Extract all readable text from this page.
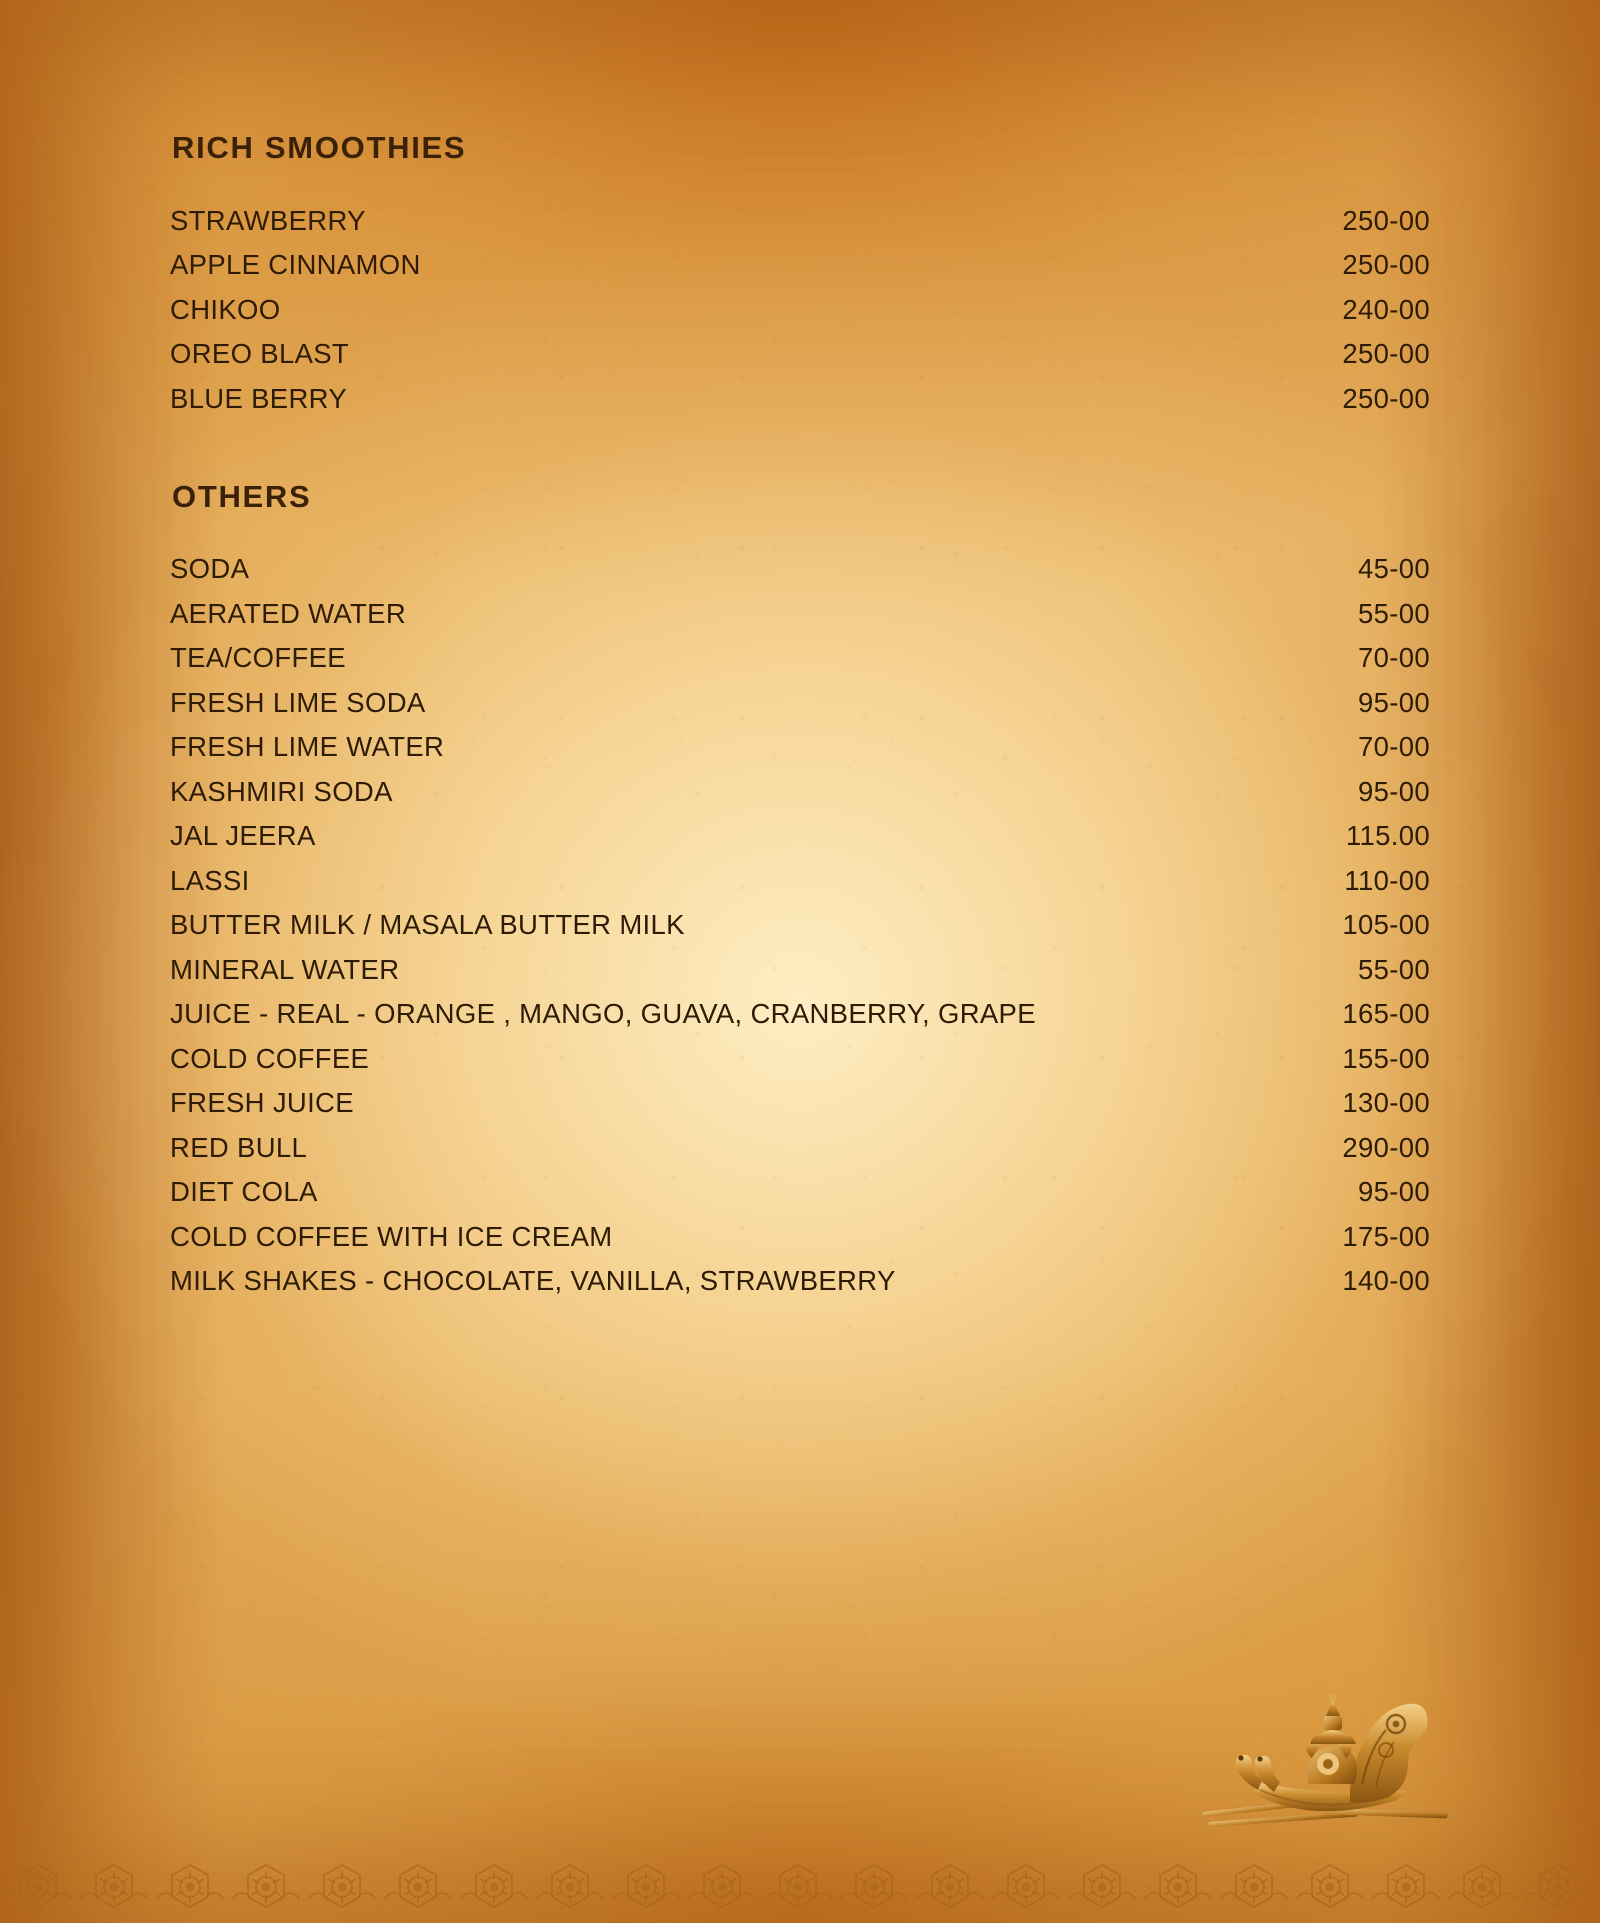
RICH SMOOTHIES
STRAWBERRY	250-00
APPLE CINNAMON	250-00
CHIKOO	240-00
OREO BLAST	250-00
BLUE BERRY	250-00
OTHERS
SODA	45-00
AERATED WATER	55-00
TEA/COFFEE	70-00
FRESH LIME SODA	95-00
FRESH LIME WATER	70-00
KASHMIRI SODA	95-00
JAL JEERA	115.00
LASSI	110-00
BUTTER MILK / MASALA BUTTER MILK	105-00
MINERAL WATER	55-00
JUICE - REAL - ORANGE , MANGO, GUAVA, CRANBERRY, GRAPE	165-00
COLD COFFEE	155-00
FRESH JUICE	130-00
RED BULL	290-00
DIET COLA	95-00
COLD COFFEE WITH ICE CREAM	175-00
MILK SHAKES - CHOCOLATE, VANILLA, STRAWBERRY	140-00
